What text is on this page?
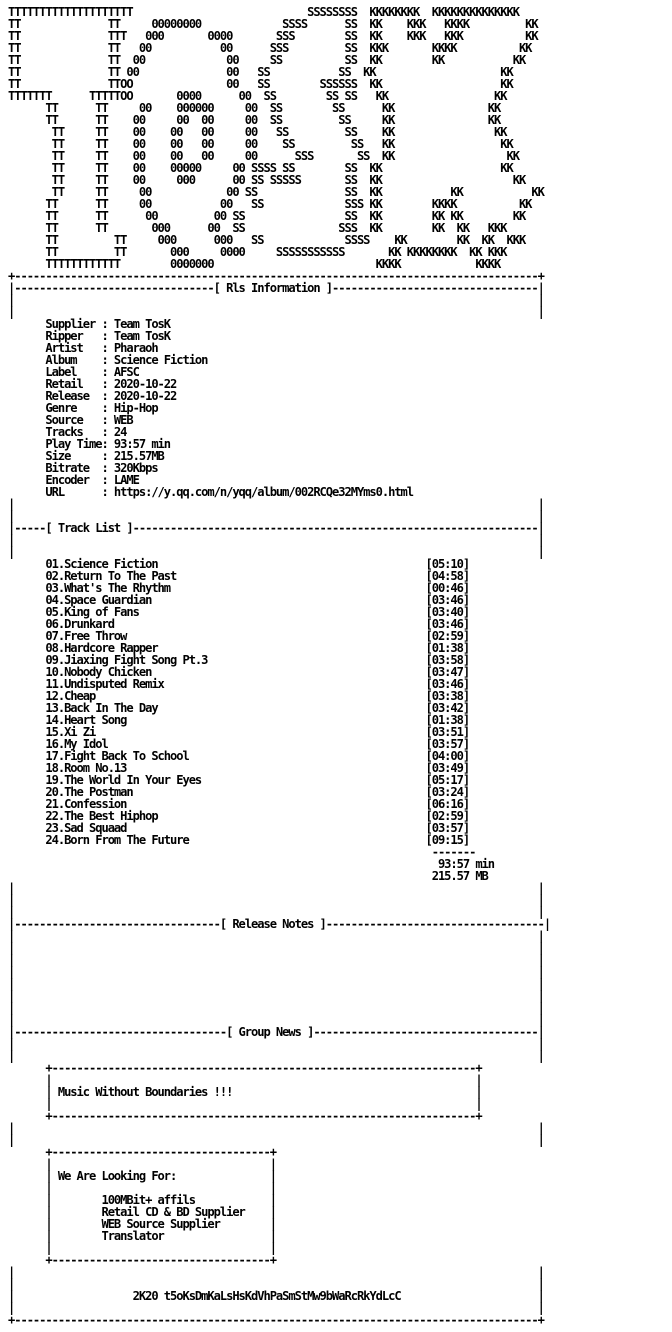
TTTTTTTTTTTTTTTTTTTT                            SSSSSSSS  KKKKKKKK  KKKKKKKKKKKKKK
TT              TT     00000000             SSSS      SS  KK    KKK   KKKK         KK
TT              TTT   000       0000       SSS        SS  KK    KKK   KKK          KK
TT              TT   00           00      SSS         SS  KKK       KKKK          KK
TT              TT  00             00     SS          SS  KK        KK           KK
TT              TT 00              00   SS           SS  KK                    KK
TT              TTOO               00   SS        SSSSSS  KK                   KK
TTTTTTT      TTTTTOO       0000      00  SS        SS SS   KK                 KK
TT      TT     00    000000     00  SS        SS      KK               KK
TT      TT    00     00  00     00  SS         SS     KK               KK
TT     TT    00    00   00     00   SS         SS    KK                KK
TT     TT    00    00   00     00    SS         SS   KK                 KK
TT     TT    00    00   00     00      SSS       SS  KK                  KK
TT     TT    00    00000     00 SSSS SS        SS  KK                   KK
TT     TT    00     000      00 SS SSSSS       SS  KK                     KK
TT     TT     00            00 SS              SS  KK           KK           KK
TT      TT     00           00   SS             SSS KK        KKKK          KK
TT      TT      00         00 SS                SS  KK        KK KK        KK
TT      TT       000      00  SS               SSS  KK        KK  KK   KKK
TT         TT     000      000   SS             SSSS    KK        KK  KK  KKK
TT         TT       000     0000     SSSSSSSSSSS       KK KKKKKKKK  KK KKK
TTTTTTTTTTTT        0000000                          KKKK            KKKK
+------------------------------------------------------------------------------------+
|--------------------------------[ Rls Information ]---------------------------------|
|                                                                                    |
|                                                                                    |
Supplier : Team TosK
Ripper   : Team TosK
Artist   : Pharaoh
Album    : Science Fiction
Label    : AFSC
Retail   : 2020-10-22
Release  : 2020-10-22
Genre    : Hip-Hop
Source   : WEB
Tracks   : 24
Play Time: 93:57 min
Size     : 215.57MB
Bitrate  : 320Kbps
Encoder  : LAME
URL      : https://y.qq.com/n/yqq/album/002RCQe32MYms0.html
|                                                                                    |
|                                                                                    |
|-----[ Track List ]-----------------------------------------------------------------|
|                                                                                    |
|                                                                                    |
01.Science Fiction                                           [05:10]
02.Return To The Past                                        [04:58]
03.What's The Rhythm                                         [00:46]
04.Space Guardian                                            [03:46]
05.King of Fans                                              [03:40]
06.Drunkard                                                  [03:46]
07.Free Throw                                                [02:59]
08.Hardcore Rapper                                           [01:38]
09.Jiaxing Fight Song Pt.3                                   [03:58]
10.Nobody Chicken                                            [03:47]
11.Undisputed Remix                                          [03:46]
12.Cheap                                                     [03:38]
13.Back In The Day                                           [03:42]
14.Heart Song                                                [01:38]
15.Xi Zi                                                     [03:51]
16.My Idol                                                   [03:57]
17.Fight Back To School                                      [04:00]
18.Room No.13                                                [03:49]
19.The World In Your Eyes                                    [05:17]
20.The Postman                                               [03:24]
21.Confession                                                [06:16]
22.The Best Hiphop                                           [02:59]
23.Sad Squaad                                                [03:57]
24.Born From The Future                                      [09:15]
-------
93:57 min
215.57 MB
|                                                                                    |
|                                                                                    |
|                                                                                    |
|---------------------------------[ Release Notes ]-----------------------------------|
|                                                                                    |
|                                                                                    |
|                                                                                    |
|                                                                                    |
|                                                                                    |
|                                                                                    |
|                                                                                    |
|                                                                                    |
|----------------------------------[ Group News ]------------------------------------|
|                                                                                    |
|                                                                                    |
+--------------------------------------------------------------------+
|                                                                    |
| Music Without Boundaries !!!                                       |
|                                                                    |
+--------------------------------------------------------------------+
|                                                                                    |
|                                                                                    |
+-----------------------------------+
|                                   |
| We Are Looking For:               |
|                                   |
|        100MBit+ affils            |
|        Retail CD & BD Supplier    |
|        WEB Source Supplier        |
|        Translator                 |
|                                   |
+-----------------------------------+
|                                                                                    |
|                                                                                    |
|                   2K20 t5oKsDmKaLsHsKdVhPaSmStMw9bWaRcRkYdLcC                      |
|                                                                                    |
+------------------------------------------------------------------------------------+
